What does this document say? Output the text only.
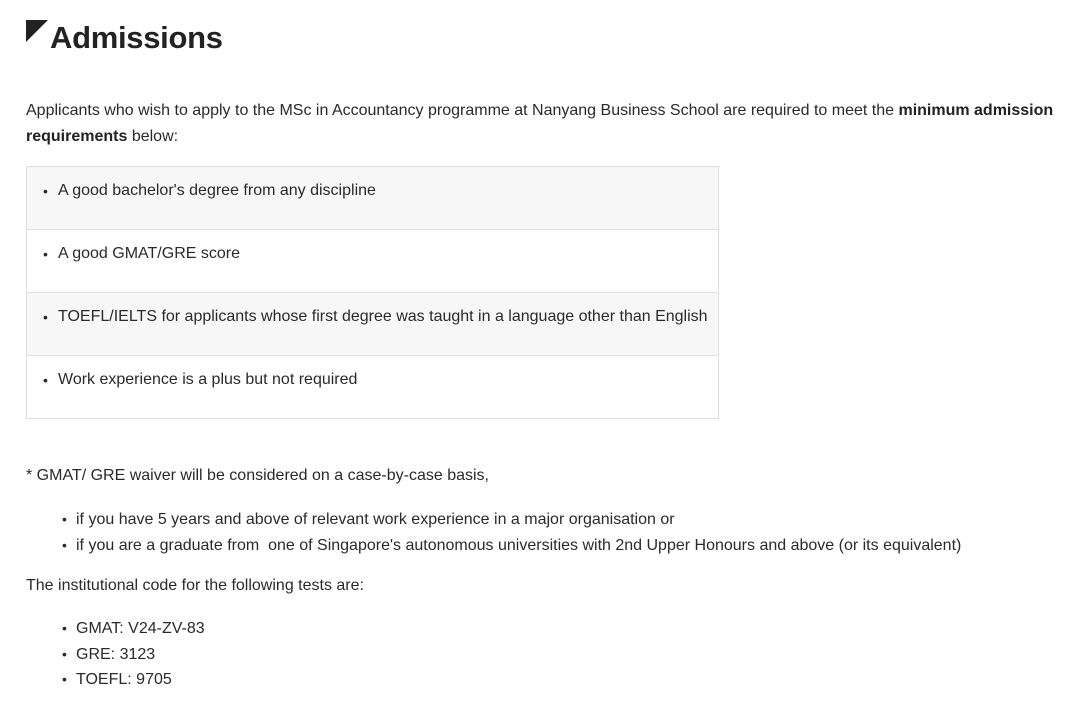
Admissions

Applicants who wish to apply to the MSc in Accountancy programme at Nanyang Business School are required to meet the minimum admission requirements below:

• A good bachelor's degree from any discipline

• A good GMAT/GRE score

• TOEFL/IELTS for applicants whose first degree was taught in a language other than English

• Work experience is a plus but not required

* GMAT/ GRE waiver will be considered on a case-by-case basis,

• if you have 5 years and above of relevant work experience in a major organisation or
• if you are a graduate from  one of Singapore's autonomous universities with 2nd Upper Honours and above (or its equivalent)

The institutional code for the following tests are:

• GMAT: V24-ZV-83
• GRE: 3123
• TOEFL: 9705
